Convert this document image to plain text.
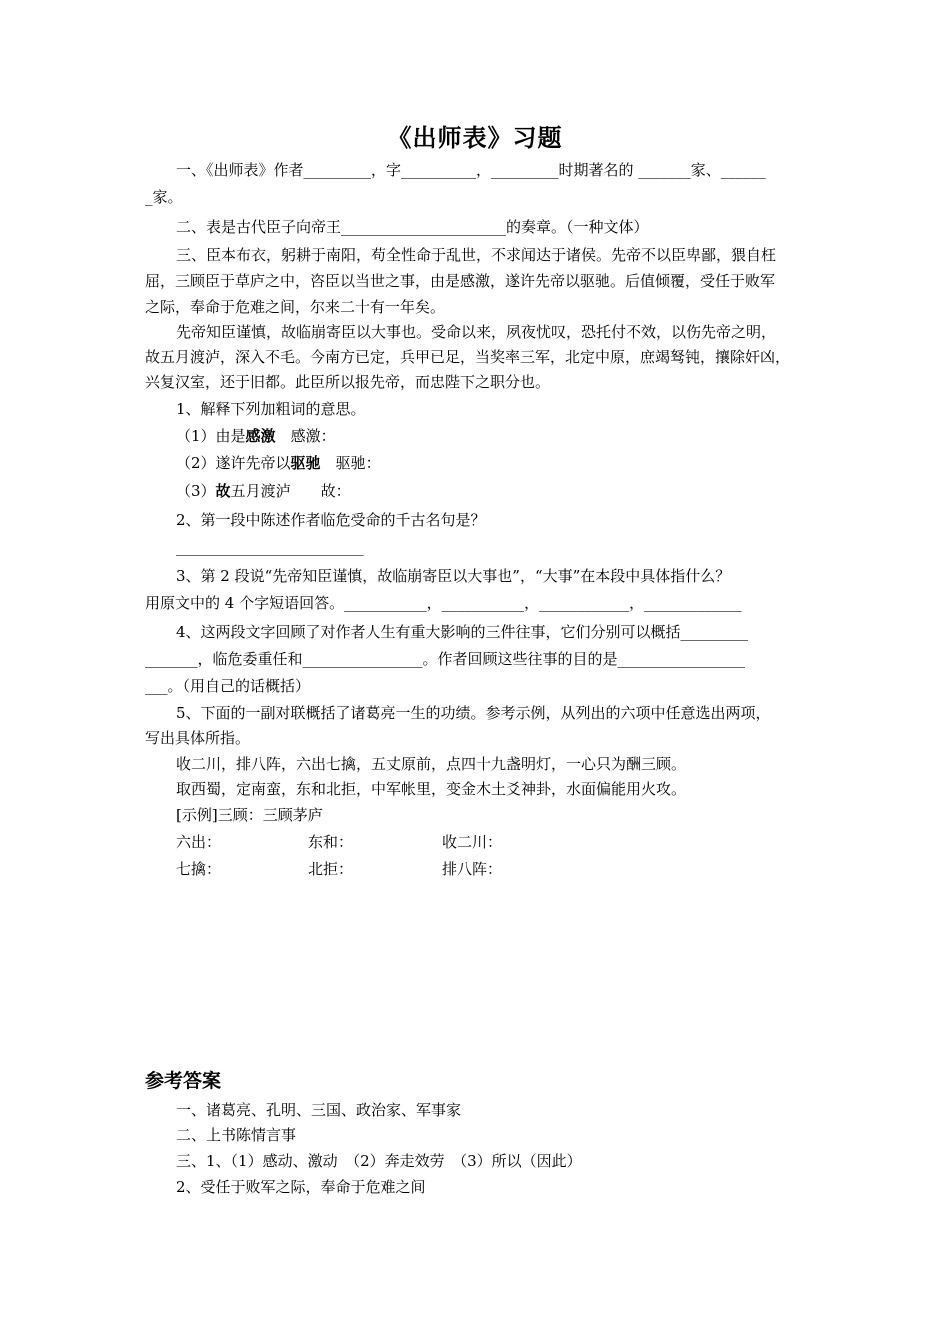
《出师表》习题
一、《出师表》作者_________，字__________，_________时期著名的 _______家、______
_家。
二、表是古代臣子向帝王______________________的奏章。（一种文体）
三、臣本布衣，躬耕于南阳，苟全性命于乱世，不求闻达于诸侯。先帝不以臣卑鄙，猥自枉
屈，三顾臣于草庐之中，咨臣以当世之事，由是感激，遂许先帝以驱驰。后值倾覆，受任于败军
之际，奉命于危难之间，尔来二十有一年矣。
先帝知臣谨慎，故临崩寄臣以大事也。受命以来，夙夜忧叹，恐托付不效，以伤先帝之明，
故五月渡泸，深入不毛。今南方已定，兵甲已足，当奖率三军，北定中原，庶竭驽钝，攘除奸凶，
兴复汉室，还于旧都。此臣所以报先帝，而忠陛下之职分也。
1、解释下列加粗词的意思。
（1）由是感激　感激：
（2）遂许先帝以驱驰　驱驰：
（3）故五月渡泸　　故：
2、第一段中陈述作者临危受命的千古名句是？
_________________________
3、第 2 段说“先帝知臣谨慎，故临崩寄臣以大事也”，“大事”在本段中具体指什么？
用原文中的 4 个字短语回答。___________，___________，____________，_____________
4、这两段文字回顾了对作者人生有重大影响的三件往事，它们分别可以概括_________
_______，临危委重任和________________。作者回顾这些往事的目的是_________________
___。（用自己的话概括）
5、下面的一副对联概括了诸葛亮一生的功绩。参考示例，从列出的六项中任意选出两项，
写出具体所指。
收二川，排八阵，六出七擒，五丈原前，点四十九盏明灯，一心只为酬三顾。
取西蜀，定南蛮，东和北拒，中军帐里，变金木土爻神卦，水面偏能用火攻。
[示例]三顾：三顾茅庐
六出：	东和：	收二川：
七擒：	北拒：	排八阵：
参考答案
一、诸葛亮、孔明、三国、政治家、军事家
二、上书陈情言事
三、1、（1）感动、激动　（2）奔走效劳　（3）所以（因此）
2、受任于败军之际，奉命于危难之间
